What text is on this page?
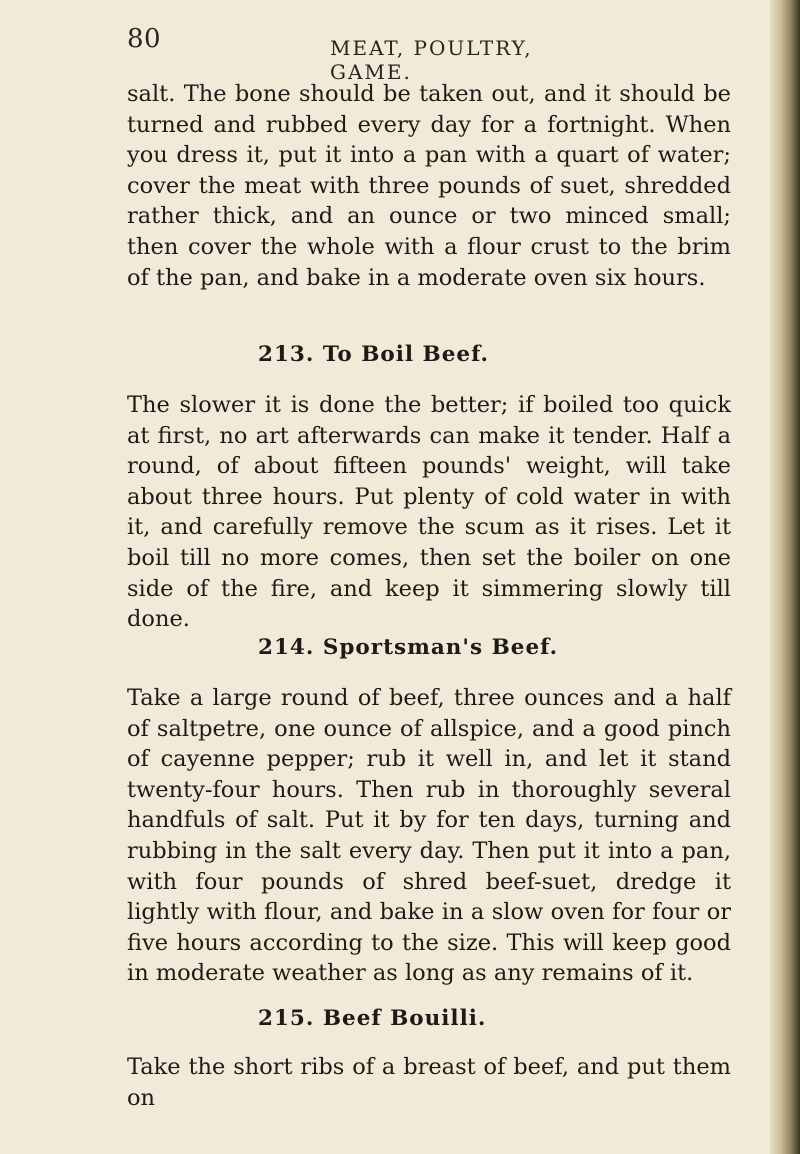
80	MEAT, POULTRY, GAME.

salt. The bone should be taken out, and it should be turned and rubbed every day for a fortnight. When you dress it, put it into a pan with a quart of water; cover the meat with three pounds of suet, shredded rather thick, and an ounce or two minced small; then cover the whole with a flour crust to the brim of the pan, and bake in a moderate oven six hours.

213. To Boil Beef.

The slower it is done the better; if boiled too quick at first, no art afterwards can make it tender. Half a round, of about fifteen pounds' weight, will take about three hours. Put plenty of cold water in with it, and carefully remove the scum as it rises. Let it boil till no more comes, then set the boiler on one side of the fire, and keep it simmering slowly till done.

214. Sportsman's Beef.

Take a large round of beef, three ounces and a half of saltpetre, one ounce of allspice, and a good pinch of cayenne pepper; rub it well in, and let it stand twenty-four hours. Then rub in thoroughly several handfuls of salt. Put it by for ten days, turning and rubbing in the salt every day. Then put it into a pan, with four pounds of shred beef-suet, dredge it lightly with flour, and bake in a slow oven for four or five hours according to the size. This will keep good in moderate weather as long as any remains of it.

215. Beef Bouilli.

Take the short ribs of a breast of beef, and put them on
